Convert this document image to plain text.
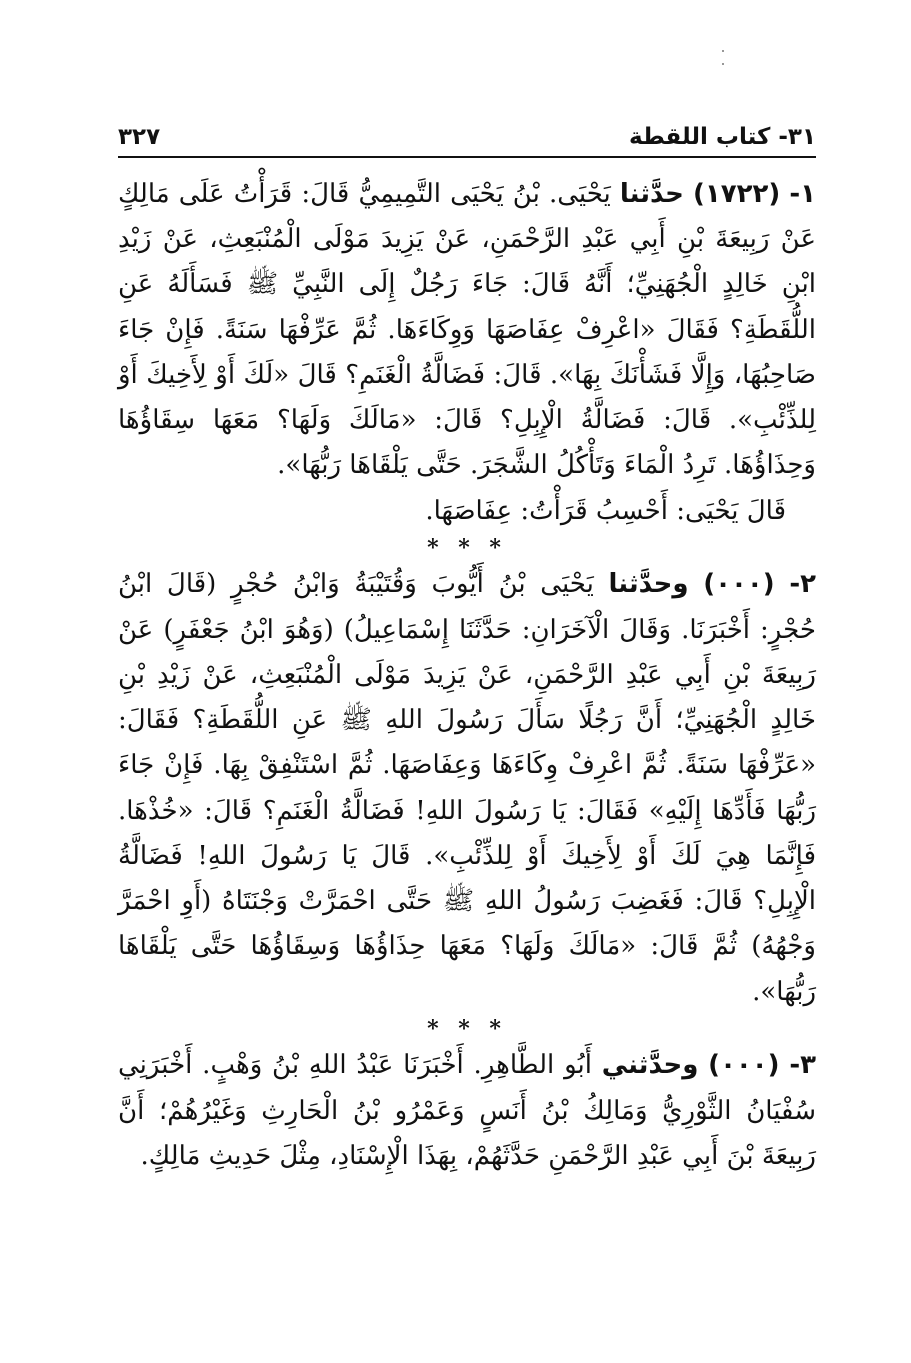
٣١- كتاب اللقطة
٣٢٧

١- (١٧٢٢) حدَّثنا يَحْيَى. بْنُ يَحْيَى التَّمِيمِيُّ قَالَ: قَرَأْتُ عَلَى مَالِكٍ عَنْ رَبِيعَةَ بْنِ أَبِي عَبْدِ الرَّحْمَنِ، عَنْ يَزِيدَ مَوْلَى الْمُنْبَعِثِ، عَنْ زَيْدِ ابْنِ خَالِدٍ الْجُهَنِيِّ؛ أَنَّهُ قَالَ: جَاءَ رَجُلٌ إِلَى النَّبِيِّ ﷺ فَسَأَلَهُ عَنِ اللُّقَطَةِ؟ فَقَالَ «اعْرِفْ عِفَاصَهَا وَوِكَاءَهَا. ثُمَّ عَرِّفْهَا سَنَةً. فَإِنْ جَاءَ صَاحِبُهَا، وَإِلَّا فَشَأْنَكَ بِهَا». قَالَ: فَضَالَّةُ الْغَنَمِ؟ قَالَ «لَكَ أَوْ لِأَخِيكَ أَوْ لِلذِّئْبِ». قَالَ: فَضَالَّةُ الْإِبِلِ؟ قَالَ: «مَالَكَ وَلَهَا؟ مَعَهَا سِقَاؤُهَا وَحِذَاؤُهَا. تَرِدُ الْمَاءَ وَتَأْكُلُ الشَّجَرَ. حَتَّى يَلْقَاهَا رَبُّهَا».

قَالَ يَحْيَى: أَحْسِبُ قَرَأْتُ: عِفَاصَهَا.

* * *

٢- (٠٠٠) وحدَّثنا يَحْيَى بْنُ أَيُّوبَ وَقُتَيْبَةُ وَابْنُ حُجْرٍ (قَالَ ابْنُ حُجْرٍ: أَخْبَرَنَا. وَقَالَ الْآخَرَانِ: حَدَّثَنَا إِسْمَاعِيلُ) (وَهُوَ ابْنُ جَعْفَرٍ) عَنْ رَبِيعَةَ بْنِ أَبِي عَبْدِ الرَّحْمَنِ، عَنْ يَزِيدَ مَوْلَى الْمُنْبَعِثِ، عَنْ زَيْدِ بْنِ خَالِدٍ الْجُهَنِيِّ؛ أَنَّ رَجُلًا سَأَلَ رَسُولَ اللهِ ﷺ عَنِ اللُّقَطَةِ؟ فَقَالَ: «عَرِّفْهَا سَنَةً. ثُمَّ اعْرِفْ وِكَاءَهَا وَعِفَاصَهَا. ثُمَّ اسْتَنْفِقْ بِهَا. فَإِنْ جَاءَ رَبُّهَا فَأَدِّهَا إِلَيْهِ» فَقَالَ: يَا رَسُولَ اللهِ! فَضَالَّةُ الْغَنَمِ؟ قَالَ: «خُذْهَا. فَإِنَّمَا هِيَ لَكَ أَوْ لِأَخِيكَ أَوْ لِلذِّئْبِ». قَالَ يَا رَسُولَ اللهِ! فَضَالَّةُ الْإِبِلِ؟ قَالَ: فَغَضِبَ رَسُولُ اللهِ ﷺ حَتَّى احْمَرَّتْ وَجْنَتَاهُ (أَوِ احْمَرَّ وَجْهُهُ) ثُمَّ قَالَ: «مَالَكَ وَلَهَا؟ مَعَهَا حِذَاؤُهَا وَسِقَاؤُهَا حَتَّى يَلْقَاهَا رَبُّهَا».

* * *

٣- (٠٠٠) وحدَّثني أَبُو الطَّاهِرِ. أَخْبَرَنَا عَبْدُ اللهِ بْنُ وَهْبٍ. أَخْبَرَنِي سُفْيَانُ الثَّوْرِيُّ وَمَالِكُ بْنُ أَنَسٍ وَعَمْرُو بْنُ الْحَارِثِ وَغَيْرُهُمْ؛ أَنَّ رَبِيعَةَ بْنَ أَبِي عَبْدِ الرَّحْمَنِ حَدَّثَهُمْ، بِهَذَا الْإِسْنَادِ، مِثْلَ حَدِيثِ مَالِكٍ.
